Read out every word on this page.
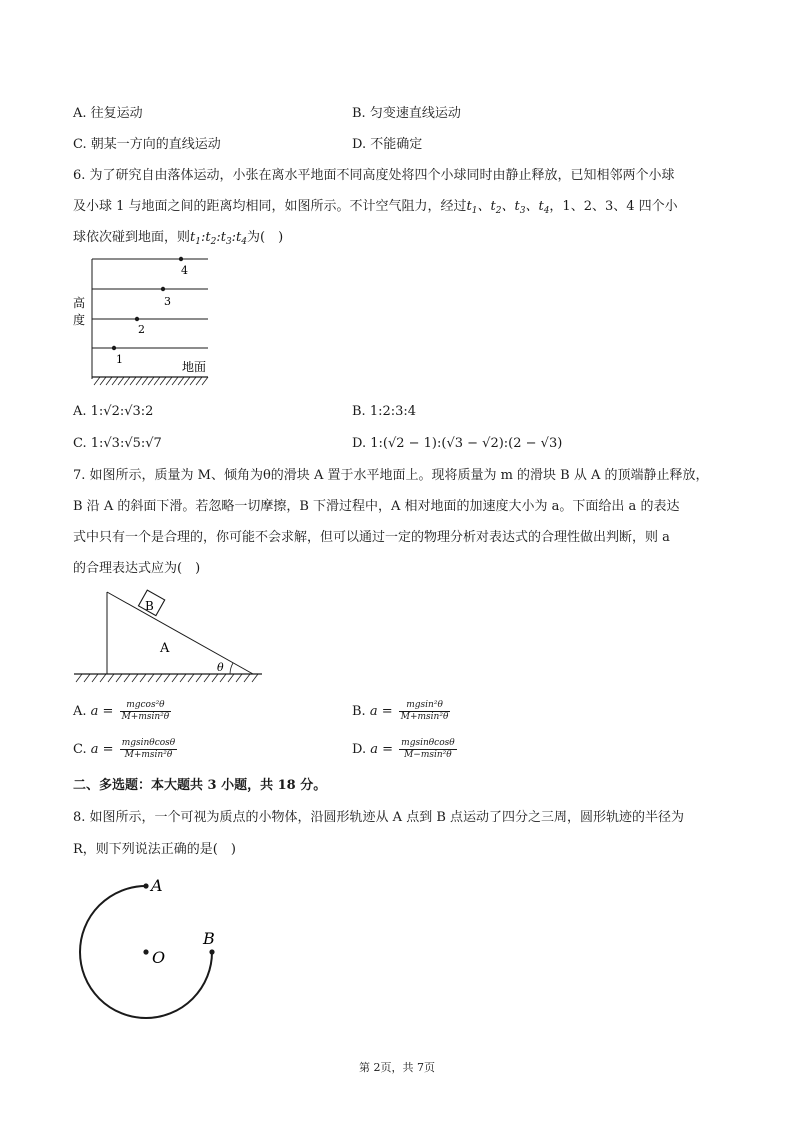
A. 往复运动	B. 匀变速直线运动
C. 朝某一方向的直线运动	D. 不能确定
6. 为了研究自由落体运动，小张在离水平地面不同高度处将四个小球同时由静止释放，已知相邻两个小球
及小球 1 与地面之间的距离均相同，如图所示。不计空气阻力，经过$t_1$、$t_2$、$t_3$、$t_4$，1、2、3、4 四个小
球依次碰到地面，则$t_1:t_2:t_3:t_4$为(　)
4
3
2
1
高
度
地面
A. 1:√2:√3:2	B. 1:2:3:4
C. 1:√3:√5:√7	D. 1:(√2 − 1):(√3 − √2):(2 − √3)
7. 如图所示，质量为 M、倾角为θ的滑块 A 置于水平地面上。现将质量为 m 的滑块 B 从 A 的顶端静止释放，
B 沿 A 的斜面下滑。若忽略一切摩擦，B 下滑过程中，A 相对地面的加速度大小为 a。下面给出 a 的表达
式中只有一个是合理的，你可能不会求解，但可以通过一定的物理分析对表达式的合理性做出判断，则 a
的合理表达式应为(　)
B
A
θ
A. $a = \frac{\text{mgcos²θ}}{\text{M+msin²θ}}$	B. $a = \frac{\text{mgsin²θ}}{\text{M+msin²θ}}$
C. $a = \frac{mgsin\theta\cos\theta}{\text{M+msin²θ}}$	D. $a = \frac{mgsin\theta\cos\theta}{\text{M−msin²θ}}$
二、多选题：本大题共 3 小题，共 18 分。
8. 如图所示，一个可视为质点的小物体，沿圆形轨迹从 A 点到 B 点运动了四分之三周，圆形轨迹的半径为
R，则下列说法正确的是(　)
A
B
O
第 2页，共 7页
